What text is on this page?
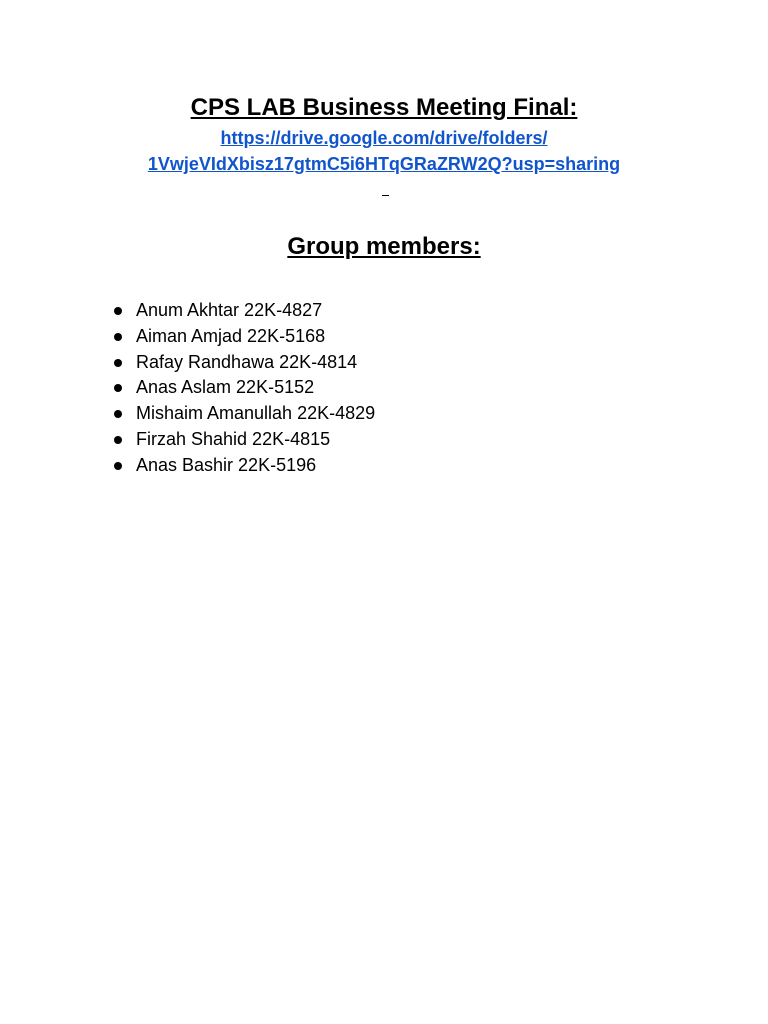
CPS LAB Business Meeting Final:
https://drive.google.com/drive/folders/
1VwjeVIdXbisz17gtmC5i6HTqGRaZRW2Q?usp=sharing
Group members:
Anum Akhtar 22K-4827
Aiman Amjad 22K-5168
Rafay Randhawa 22K-4814
Anas Aslam 22K-5152
Mishaim Amanullah 22K-4829
Firzah Shahid 22K-4815
Anas Bashir 22K-5196
